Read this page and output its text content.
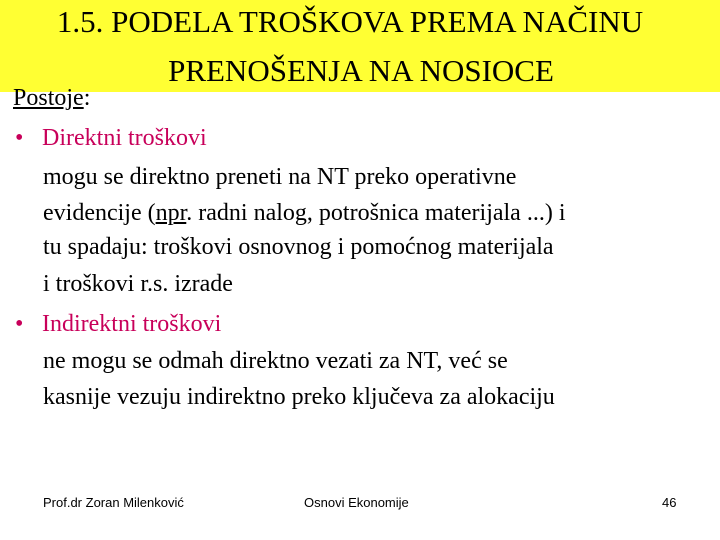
1.5. PODELA TROŠKOVA PREMA NAČINU
PRENOŠENJA NA NOSIOCE
Postoje:
• Direktni troškovi
mogu se direktno preneti na NT preko operativne
evidencije (npr. radni nalog, potrošnica materijala ...) i
tu spadaju: troškovi osnovnog i pomoćnog materijala
i troškovi r.s. izrade
• Indirektni troškovi
ne mogu se odmah direktno vezati za NT, već se
kasnije vezuju indirektno preko ključeva za alokaciju
Prof.dr Zoran Milenković	Osnovi Ekonomije	46
